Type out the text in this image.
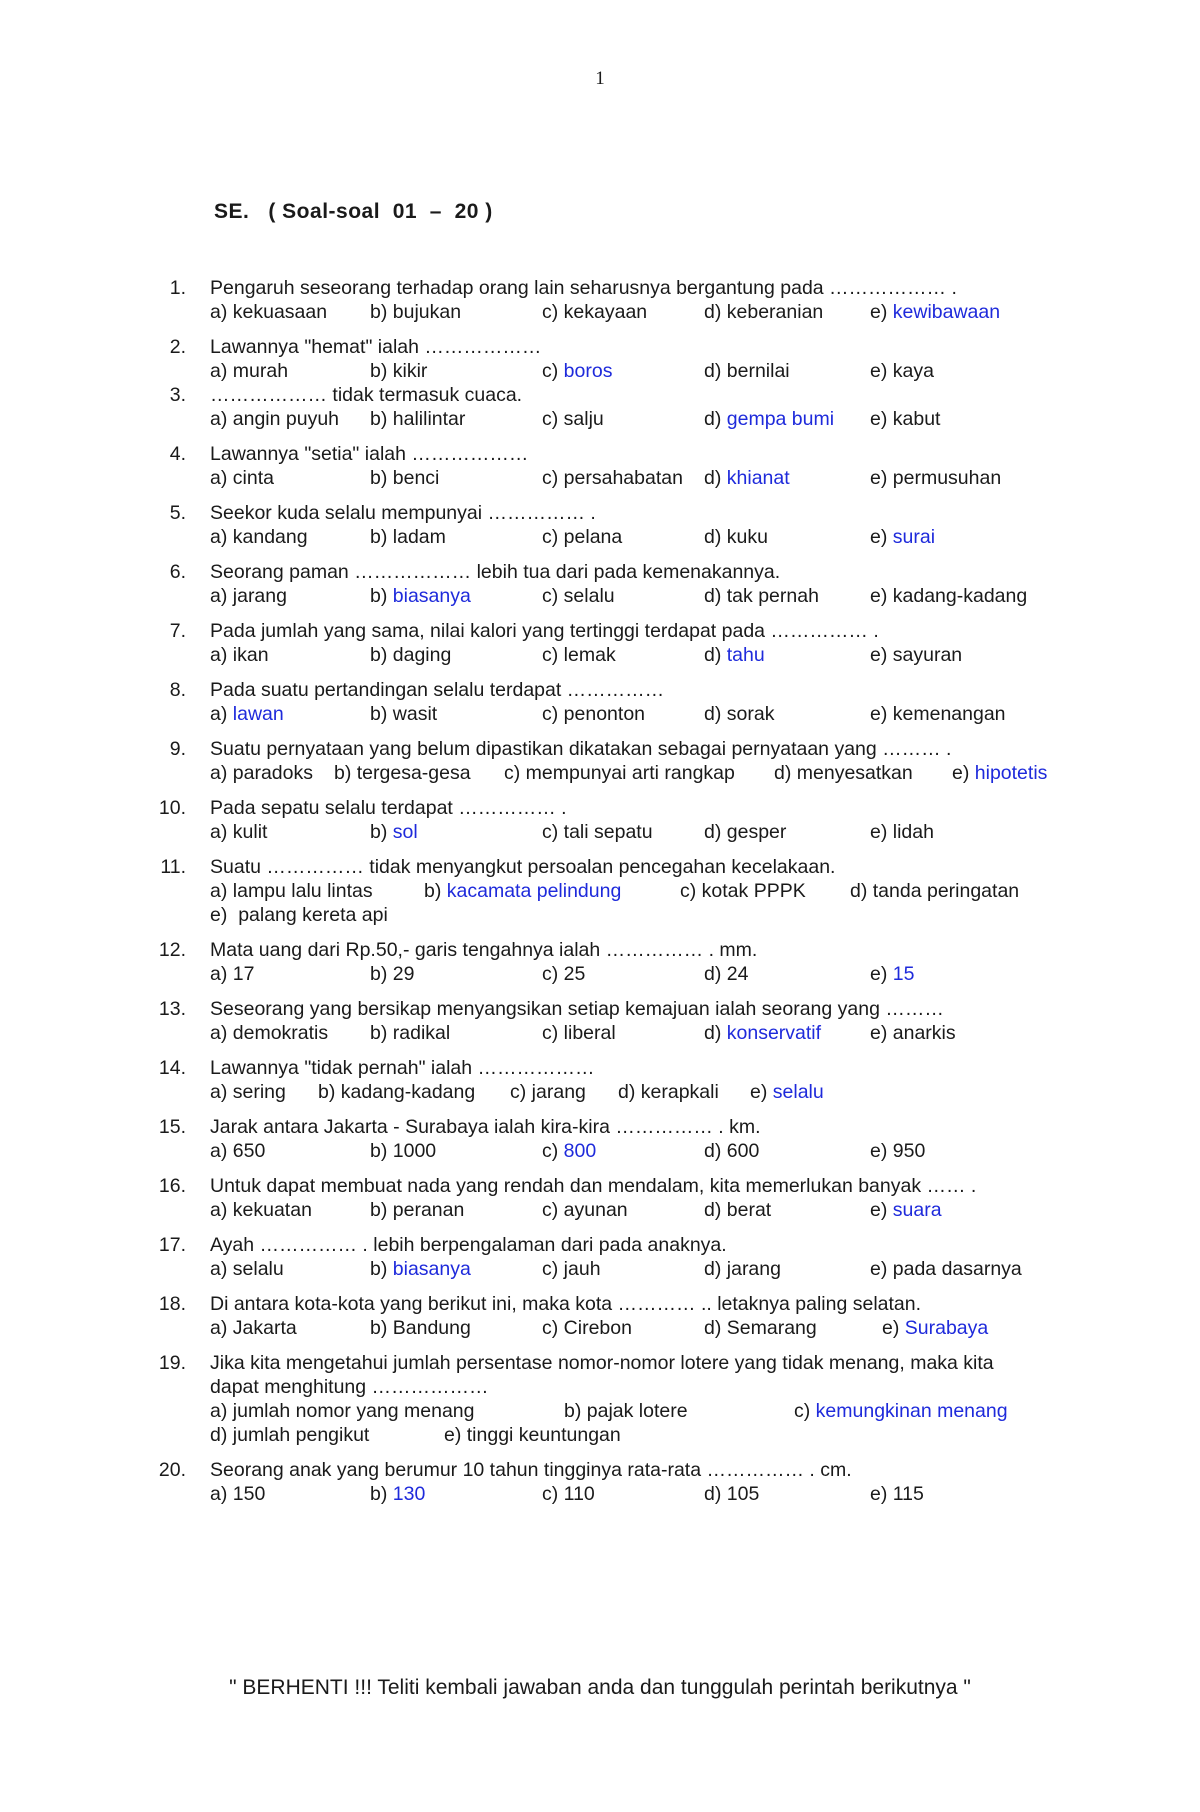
1
SE.   ( Soal-soal  01  –  20 )
1.	Pengaruh seseorang terhadap orang lain seharusnya bergantung pada ……………… .
a) kekuasaan b) bujukan	c) kekayaan	d) keberanian e) kewibawaan
2.	Lawannya "hemat" ialah ………………
a) murah	b) kikir	c) boros	d) bernilai	e) kaya
3.	……………… tidak termasuk cuaca.
a) angin puyuh b) halilintar	c) salju	d) gempa bumi e) kabut
4.	Lawannya "setia" ialah ………………
a) cinta	b) benci	c) persahabatan d) khianat	e) permusuhan
5.	Seekor kuda selalu mempunyai …………… .
a) kandang	b) ladam	c) pelana	d) kuku	e) surai
6.	Seorang paman ……………… lebih tua dari pada kemenakannya.
a) jarang	b) biasanya	c) selalu	d) tak pernah	e) kadang-kadang
7.	Pada jumlah yang sama, nilai kalori yang tertinggi terdapat pada …………… .
a) ikan	b) daging	c) lemak	d) tahu	e) sayuran
8.	Pada suatu pertandingan selalu terdapat ……………
a) lawan	b) wasit	c) penonton	d) sorak	e) kemenangan
9.	Suatu pernyataan yang belum dipastikan dikatakan sebagai pernyataan yang ……… .
a) paradoks b) tergesa-gesa c) mempunyai arti rangkap d) menyesatkan e) hipotetis
10.	Pada sepatu selalu terdapat …………… .
a) kulit	b) sol	c) tali sepatu	d) gesper	e) lidah
11.	Suatu …………… tidak menyangkut persoalan pencegahan kecelakaan.
a) lampu lalu lintas	b) kacamata pelindung	c) kotak PPPK d) tanda peringatan
e)  palang kereta api
12.	Mata uang dari Rp.50,- garis tengahnya ialah …………… . mm.
a) 17	b) 29	c) 25	d) 24	e) 15
13.	Seseorang yang bersikap menyangsikan setiap kemajuan ialah seorang yang ………
a) demokratis b) radikal	c) liberal	d) konservatif	e) anarkis
14.	Lawannya "tidak pernah" ialah ………………
a) sering b) kadang-kadang c) jarang d) kerapkali e) selalu
15.	Jarak antara Jakarta - Surabaya ialah kira-kira …………… . km.
a) 650	b) 1000	c) 800	d) 600	e) 950
16.	Untuk dapat membuat nada yang rendah dan mendalam, kita memerlukan banyak …… .
a) kekuatan	b) peranan	c) ayunan	d) berat	e) suara
17.	Ayah …………… . lebih berpengalaman dari pada anaknya.
a) selalu	b) biasanya	c) jauh	d) jarang	e) pada dasarnya
18.	Di antara kota-kota yang berikut ini, maka kota ………… .. letaknya paling selatan.
a) Jakarta	b) Bandung	c) Cirebon	d) Semarang	e) Surabaya
19.	Jika kita mengetahui jumlah persentase nomor-nomor lotere yang tidak menang, maka kita
dapat menghitung ………………
a) jumlah nomor yang menang	b) pajak lotere	c) kemungkinan menang
d) jumlah pengikut	e) tinggi keuntungan
20.	Seorang anak yang berumur 10 tahun tingginya rata-rata …………… . cm.
a) 150	b) 130	c) 110	d) 105	e) 115
" BERHENTI !!! Teliti kembali jawaban anda dan tunggulah perintah berikutnya "
